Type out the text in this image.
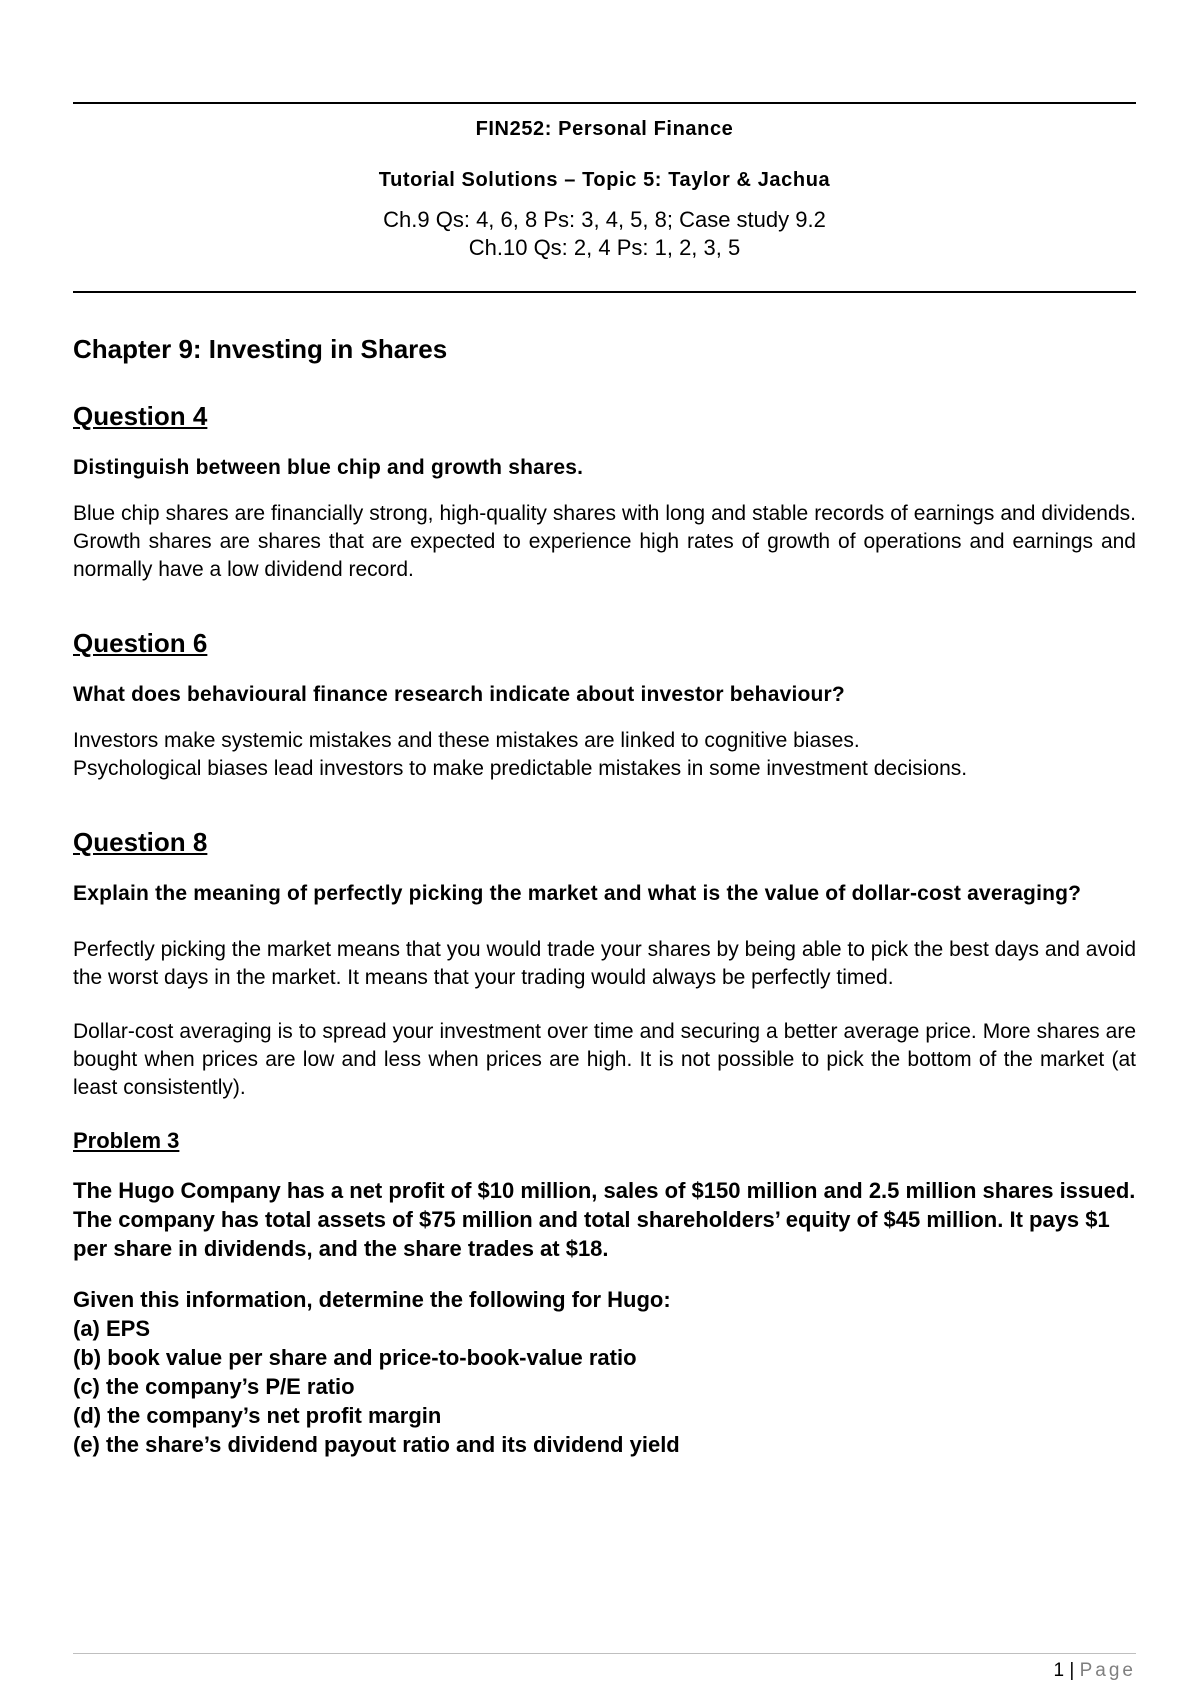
FIN252: Personal Finance
Tutorial Solutions – Topic 5: Taylor & Jachua
Ch.9 Qs: 4, 6, 8 Ps: 3, 4, 5, 8; Case study 9.2
Ch.10 Qs: 2, 4 Ps: 1, 2, 3, 5
Chapter 9: Investing in Shares
Question 4
Distinguish between blue chip and growth shares.
Blue chip shares are financially strong, high-quality shares with long and stable records of earnings and dividends. Growth shares are shares that are expected to experience high rates of growth of operations and earnings and normally have a low dividend record.
Question 6
What does behavioural finance research indicate about investor behaviour?
Investors make systemic mistakes and these mistakes are linked to cognitive biases.
Psychological biases lead investors to make predictable mistakes in some investment decisions.
Question 8
Explain the meaning of perfectly picking the market and what is the value of dollar-cost averaging?
Perfectly picking the market means that you would trade your shares by being able to pick the best days and avoid the worst days in the market. It means that your trading would always be perfectly timed.
Dollar-cost averaging is to spread your investment over time and securing a better average price. More shares are bought when prices are low and less when prices are high. It is not possible to pick the bottom of the market (at least consistently).
Problem 3
The Hugo Company has a net profit of $10 million, sales of $150 million and 2.5 million shares issued. The company has total assets of $75 million and total shareholders’ equity of $45 million. It pays $1 per share in dividends, and the share trades at $18.
Given this information, determine the following for Hugo:
(a) EPS
(b) book value per share and price-to-book-value ratio
(c) the company’s P/E ratio
(d) the company’s net profit margin
(e) the share’s dividend payout ratio and its dividend yield
1 | Page
